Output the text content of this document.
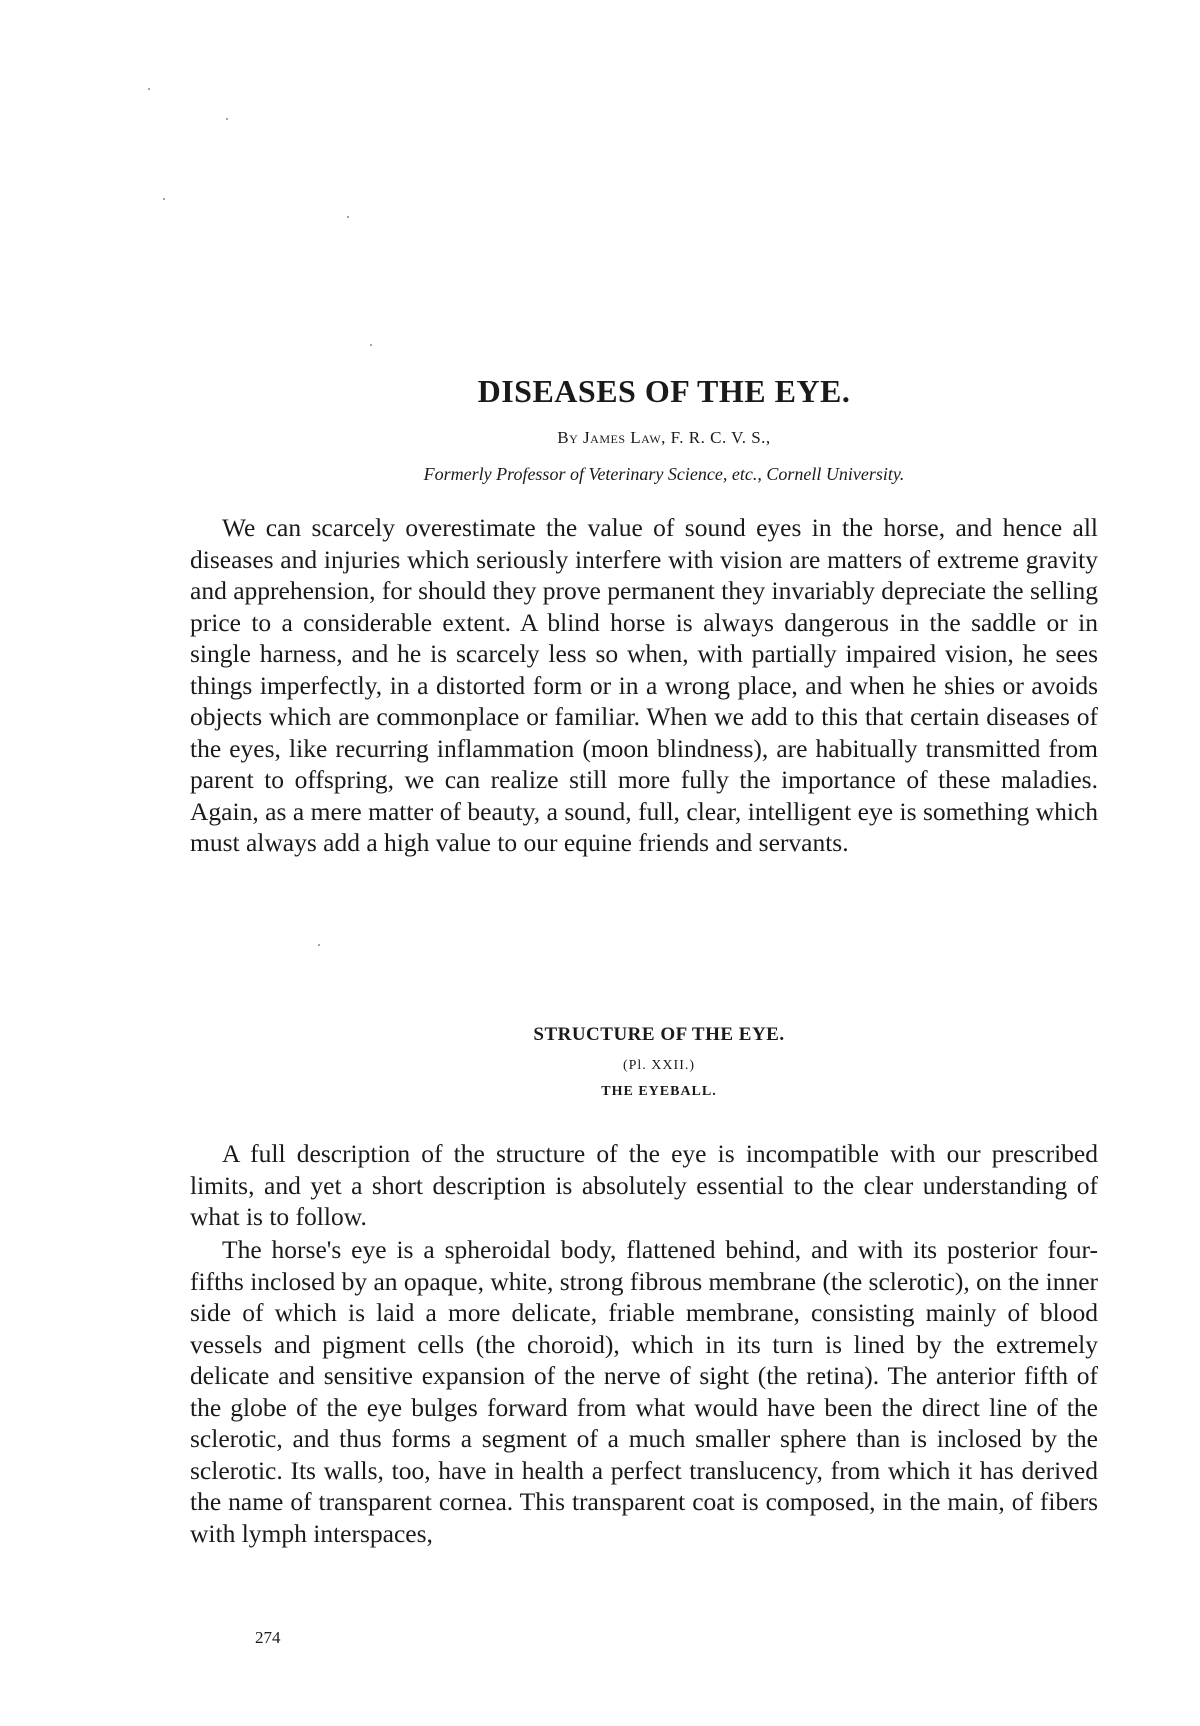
DISEASES OF THE EYE.
By James Law, F. R. C. V. S.,
Formerly Professor of Veterinary Science, etc., Cornell University.

We can scarcely overestimate the value of sound eyes in the horse, and hence all diseases and injuries which seriously interfere with vision are matters of extreme gravity and apprehension, for should they prove permanent they invariably depreciate the selling price to a considerable extent. A blind horse is always dangerous in the saddle or in single harness, and he is scarcely less so when, with partially impaired vision, he sees things imperfectly, in a distorted form or in a wrong place, and when he shies or avoids objects which are commonplace or familiar. When we add to this that certain diseases of the eyes, like recurring inflammation (moon blindness), are habitually transmitted from parent to offspring, we can realize still more fully the importance of these maladies. Again, as a mere matter of beauty, a sound, full, clear, intelligent eye is something which must always add a high value to our equine friends and servants.

STRUCTURE OF THE EYE.
(Pl. XXII.)
THE EYEBALL.

A full description of the structure of the eye is incompatible with our prescribed limits, and yet a short description is absolutely essential to the clear understanding of what is to follow.

The horse's eye is a spheroidal body, flattened behind, and with its posterior four-fifths inclosed by an opaque, white, strong fibrous membrane (the sclerotic), on the inner side of which is laid a more delicate, friable membrane, consisting mainly of blood vessels and pigment cells (the choroid), which in its turn is lined by the extremely delicate and sensitive expansion of the nerve of sight (the retina). The anterior fifth of the globe of the eye bulges forward from what would have been the direct line of the sclerotic, and thus forms a segment of a much smaller sphere than is inclosed by the sclerotic. Its walls, too, have in health a perfect translucency, from which it has derived the name of transparent cornea. This transparent coat is composed, in the main, of fibers with lymph interspaces,

274
